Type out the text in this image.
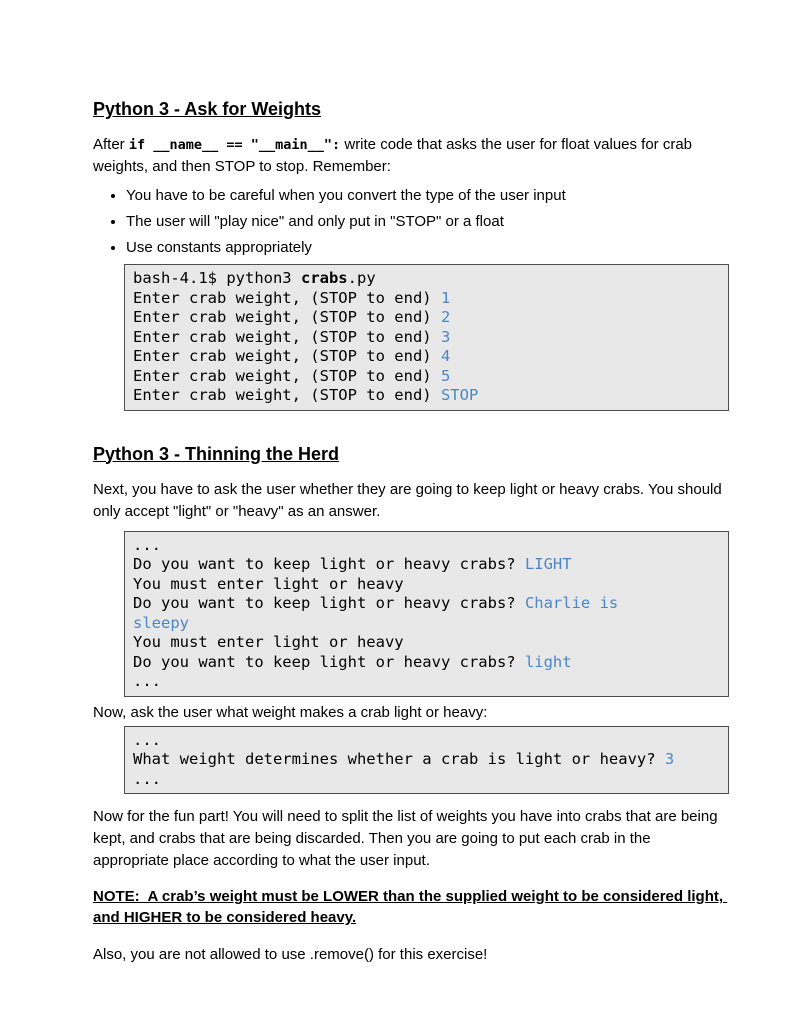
Python 3 - Ask for Weights

After if __name__ == "__main__": write code that asks the user for float values for crab weights, and then STOP to stop. Remember:

• You have to be careful when you convert the type of the user input
• The user will "play nice" and only put in "STOP" or a float
• Use constants appropriately
bash-4.1$ python3 crabs.py
Enter crab weight, (STOP to end) 1
Enter crab weight, (STOP to end) 2
Enter crab weight, (STOP to end) 3
Enter crab weight, (STOP to end) 4
Enter crab weight, (STOP to end) 5
Enter crab weight, (STOP to end) STOP
Python 3 - Thinning the Herd

Next, you have to ask the user whether they are going to keep light or heavy crabs. You should only accept "light" or "heavy" as an answer.

...
Do you want to keep light or heavy crabs? LIGHT
You must enter light or heavy
Do you want to keep light or heavy crabs? Charlie is
sleepy
You must enter light or heavy
Do you want to keep light or heavy crabs? light
...

Now, ask the user what weight makes a crab light or heavy:

...
What weight determines whether a crab is light or heavy? 3
...

Now for the fun part! You will need to split the list of weights you have into crabs that are being kept, and crabs that are being discarded. Then you are going to put each crab in the appropriate place according to what the user input.

NOTE:  A crab’s weight must be LOWER than the supplied weight to be considered light, and HIGHER to be considered heavy.

Also, you are not allowed to use .remove() for this exercise!
